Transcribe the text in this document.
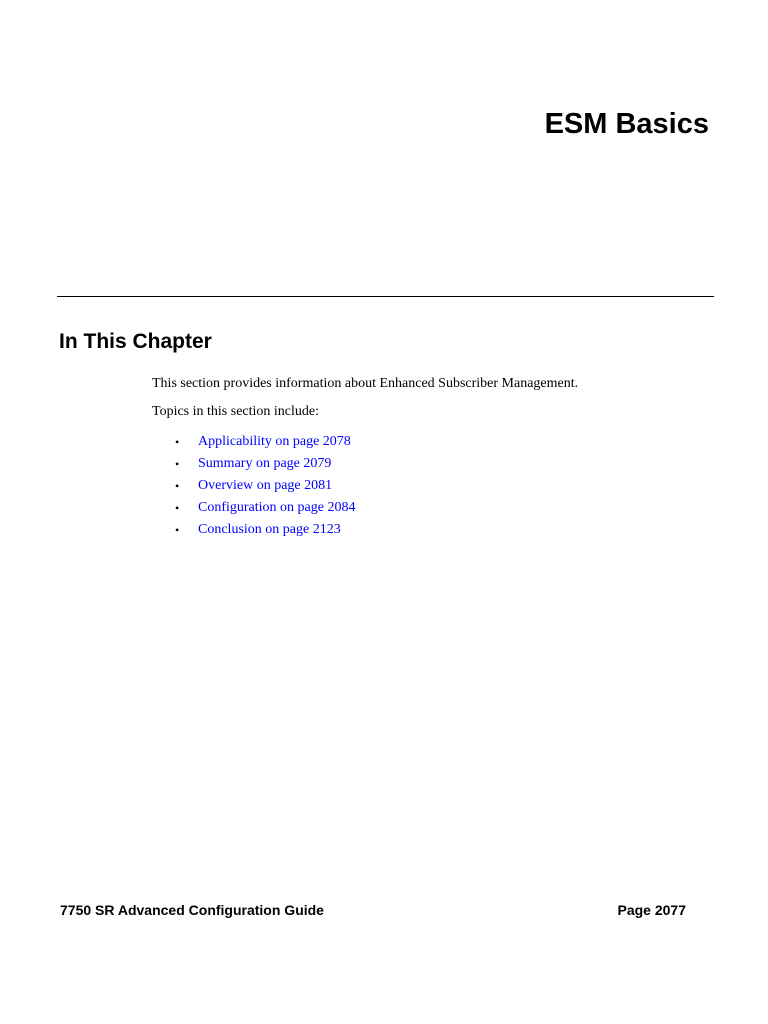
ESM Basics
In This Chapter

This section provides information about Enhanced Subscriber Management.

Topics in this section include:

•	Applicability on page 2078
•	Summary on page 2079
•	Overview on page 2081
•	Configuration on page 2084
•	Conclusion on page 2123

7750 SR Advanced Configuration Guide	Page 2077
